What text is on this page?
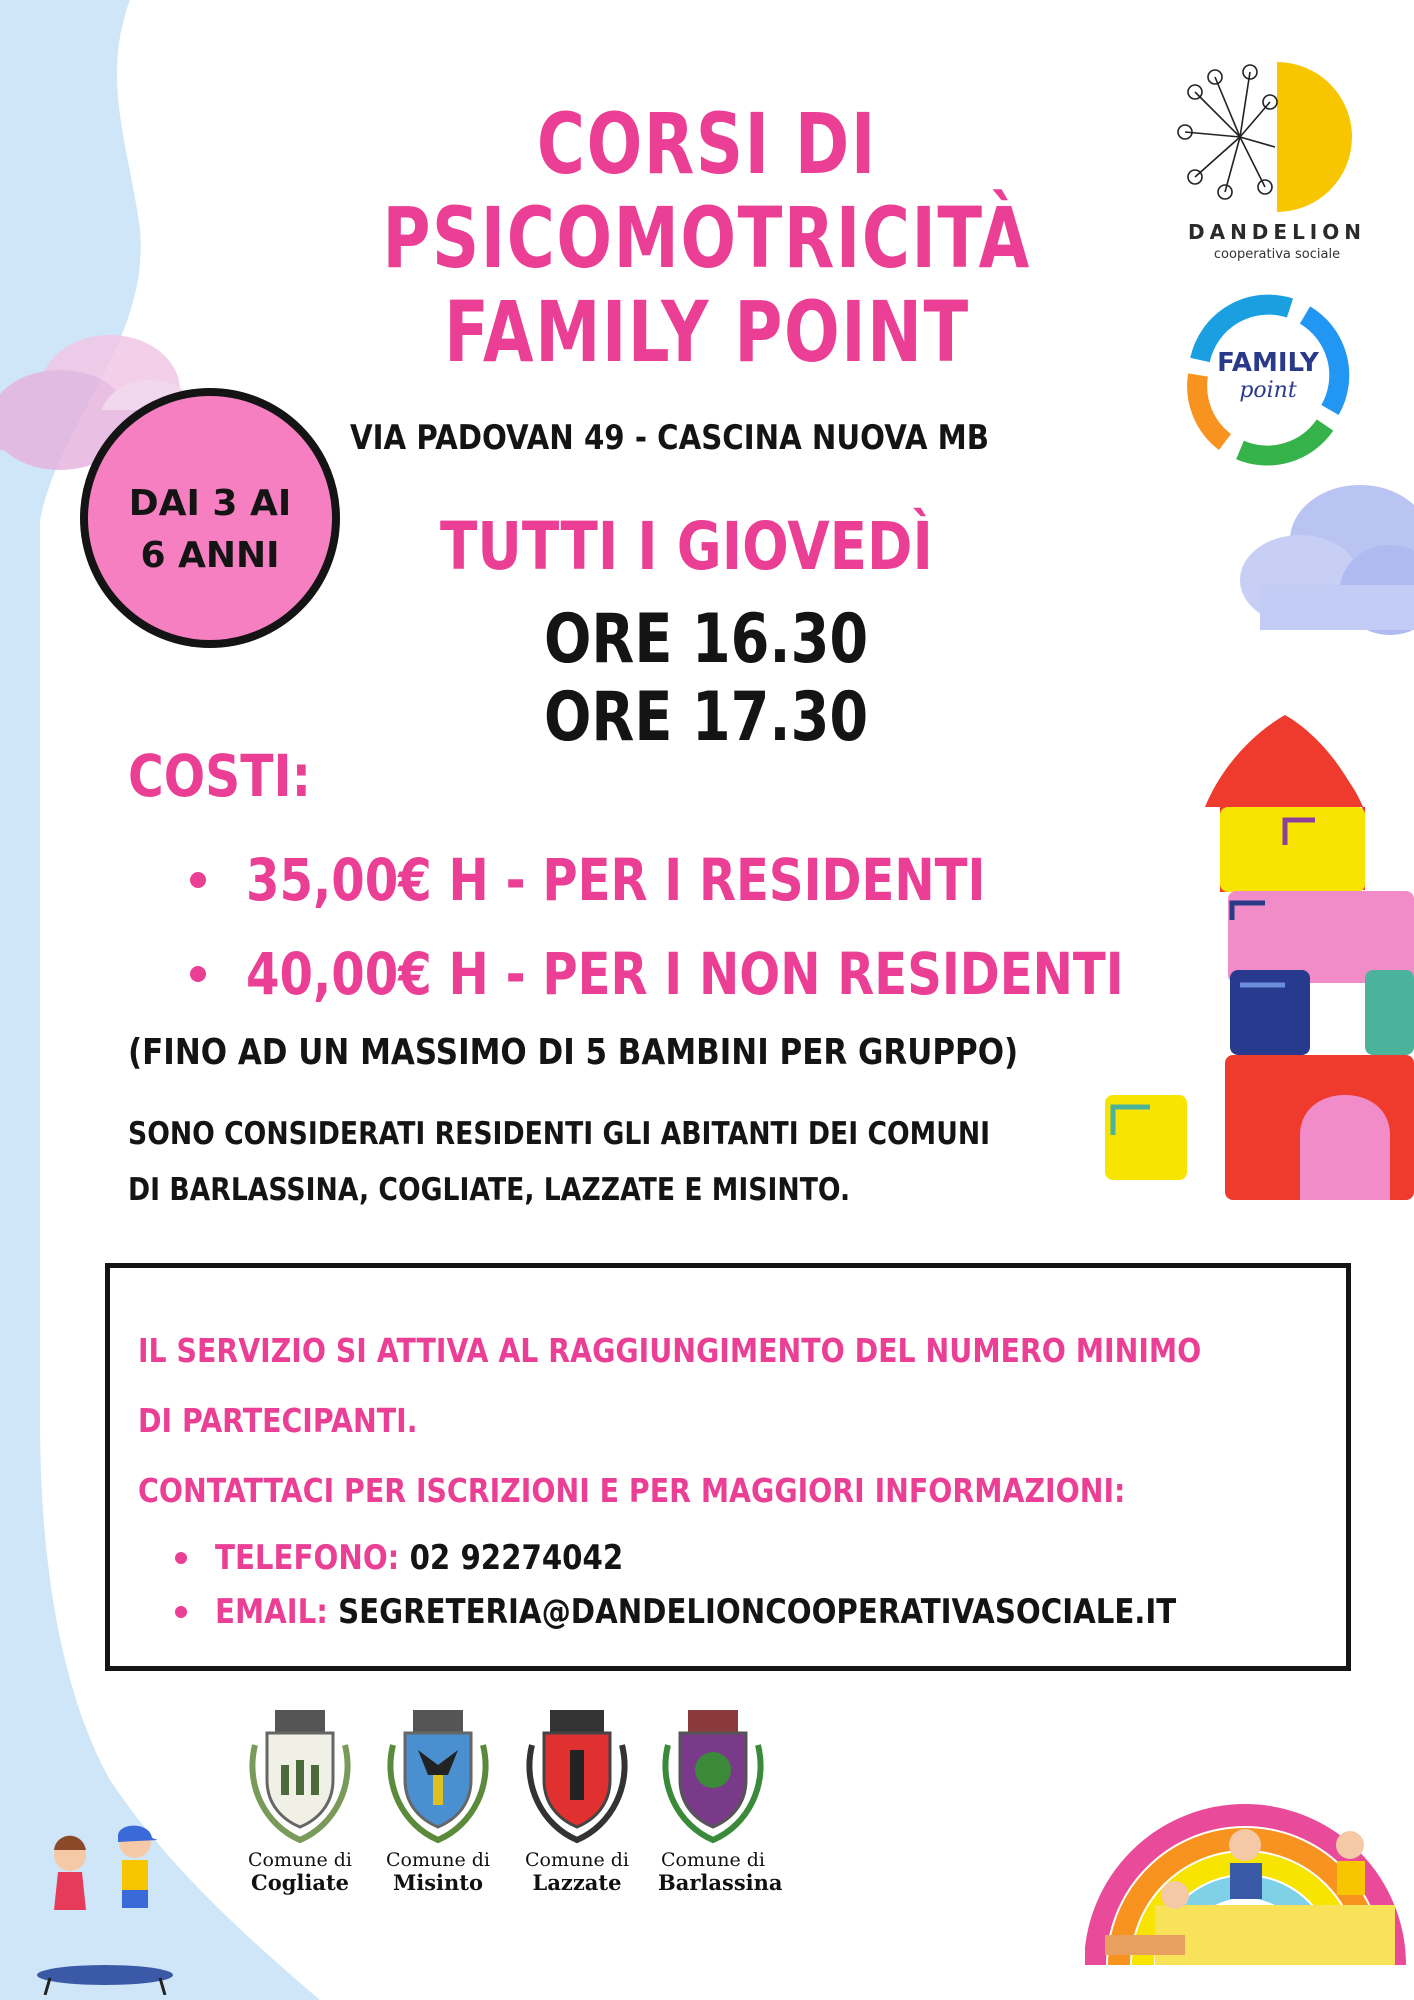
CORSI DI
PSICOMOTRICITÀ
FAMILY POINT
DANDELION
cooperativa sociale
FAMILY
point
VIA PADOVAN 49 - CASCINA NUOVA MB
DAI 3 AI
6 ANNI	TUTTI I GIOVEDÌ
ORE 16.30
ORE 17.30
COSTI:
35,00€ H - PER I RESIDENTI
40,00€ H - PER I NON RESIDENTI
(FINO AD UN MASSIMO DI 5 BAMBINI PER GRUPPO)
SONO CONSIDERATI RESIDENTI GLI ABITANTI DEI COMUNI
DI BARLASSINA, COGLIATE, LAZZATE E MISINTO.
IL SERVIZIO SI ATTIVA AL RAGGIUNGIMENTO DEL NUMERO MINIMO
DI PARTECIPANTI.
CONTATTACI PER ISCRIZIONI E PER MAGGIORI INFORMAZIONI:
TELEFONO: 02 92274042
EMAIL: SEGRETERIA@DANDELIONCOOPERATIVASOCIALE.IT
Comune di
Cogliate
Comune di
Misinto
Comune di
Lazzate
Comune di
Barlassina
